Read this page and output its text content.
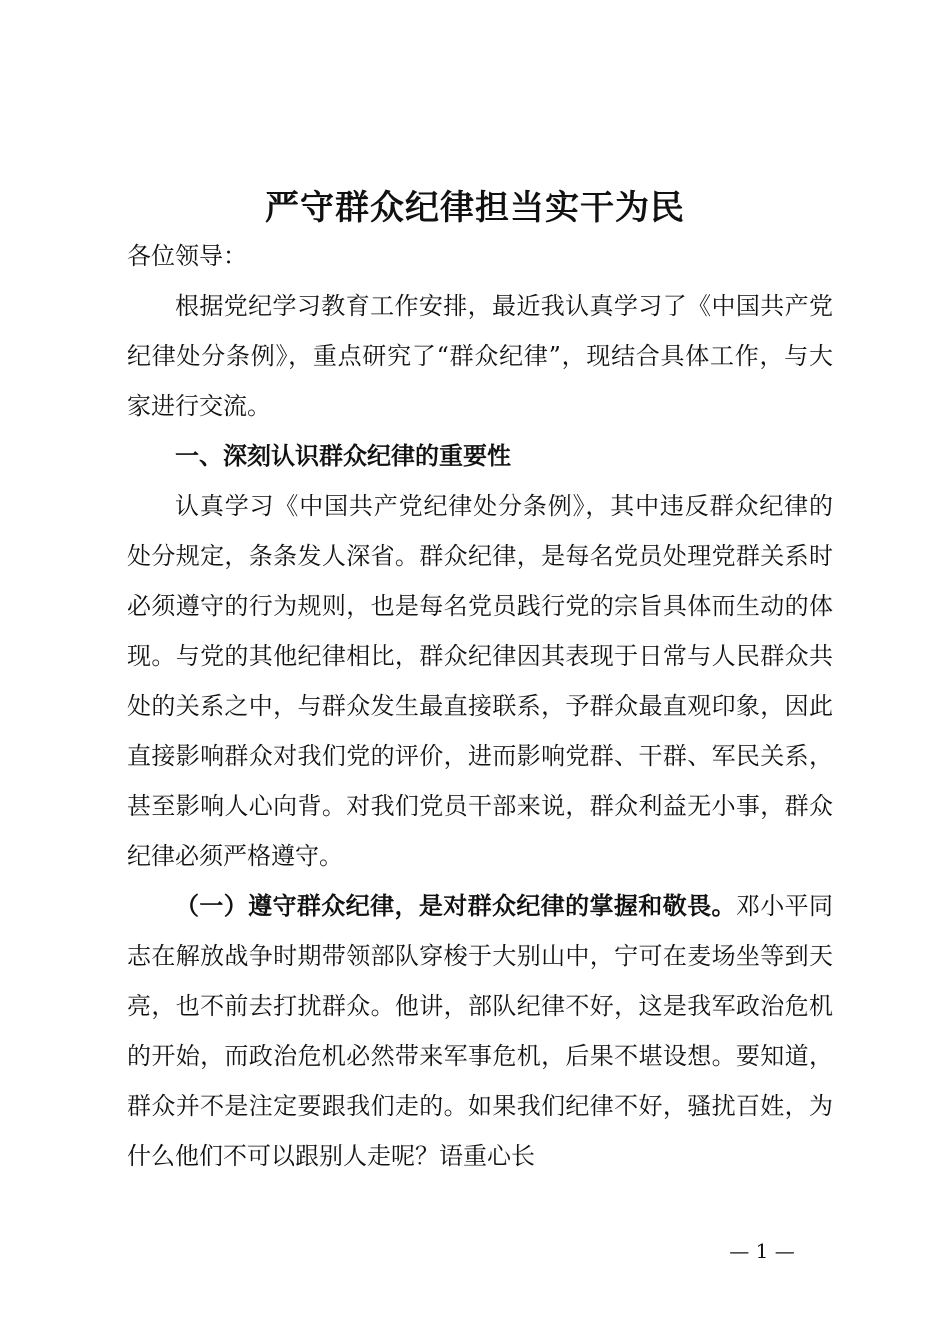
严守群众纪律担当实干为民

各位领导：

根据党纪学习教育工作安排，最近我认真学习了《中国共产党纪律处分条例》，重点研究了“群众纪律”，现结合具体工作，与大家进行交流。

一、深刻认识群众纪律的重要性

认真学习《中国共产党纪律处分条例》，其中违反群众纪律的处分规定，条条发人深省。群众纪律，是每名党员处理党群关系时必须遵守的行为规则，也是每名党员践行党的宗旨具体而生动的体现。与党的其他纪律相比，群众纪律因其表现于日常与人民群众共处的关系之中，与群众发生最直接联系，予群众最直观印象，因此直接影响群众对我们党的评价，进而影响党群、干群、军民关系，甚至影响人心向背。对我们党员干部来说，群众利益无小事，群众纪律必须严格遵守。

（一）遵守群众纪律，是对群众纪律的掌握和敬畏。邓小平同志在解放战争时期带领部队穿梭于大别山中，宁可在麦场坐等到天亮，也不前去打扰群众。他讲，部队纪律不好，这是我军政治危机的开始，而政治危机必然带来军事危机，后果不堪设想。要知道，群众并不是注定要跟我们走的。如果我们纪律不好，骚扰百姓，为什么他们不可以跟别人走呢？语重心长

— 1 —
